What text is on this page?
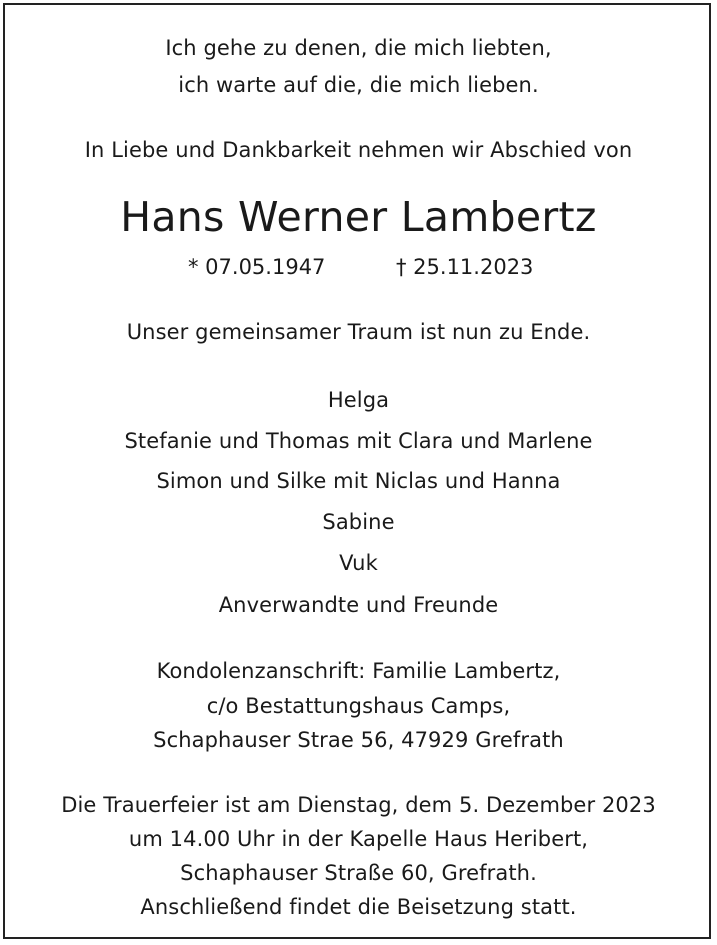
Ich gehe zu denen, die mich liebten,
ich warte auf die, die mich lieben.
In Liebe und Dankbarkeit nehmen wir Abschied von
Hans Werner Lambertz
* 07.05.1947	† 25.11.2023
Unser gemeinsamer Traum ist nun zu Ende.
Helga
Stefanie und Thomas mit Clara und Marlene
Simon und Silke mit Niclas und Hanna
Sabine
Vuk
Anverwandte und Freunde
Kondolenzanschrift: Familie Lambertz,
c/o Bestattungshaus Camps,
Schaphauser Strae 56, 47929 Grefrath
Die Trauerfeier ist am Dienstag, dem 5. Dezember 2023
um 14.00 Uhr in der Kapelle Haus Heribert,
Schaphauser Straße 60, Grefrath.
Anschließend findet die Beisetzung statt.
